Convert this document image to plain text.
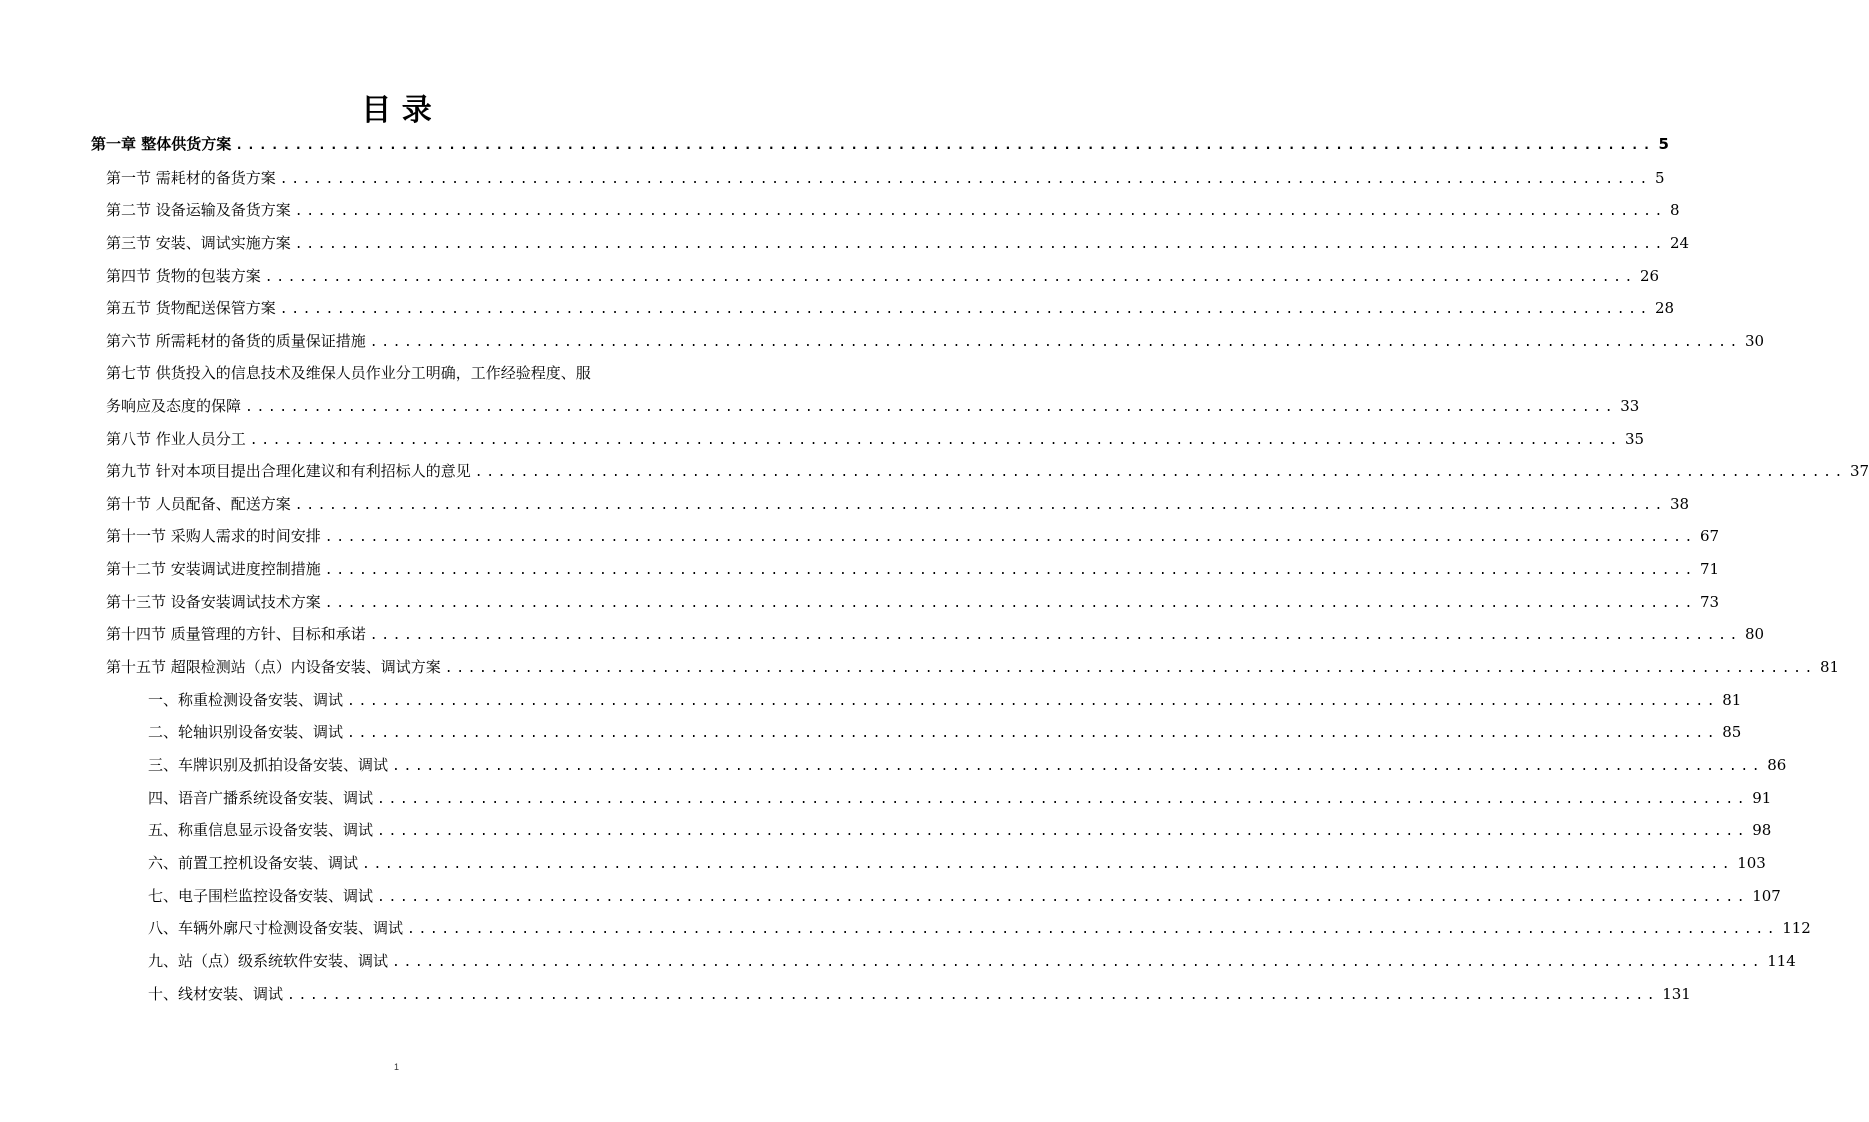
目 录
第一章 整体供货方案 ........................................................................................................................ 5
第一节 需耗材的备货方案 ........................................................................................................................ 5
第二节 设备运输及备货方案 ........................................................................................................................ 8
第三节 安装、调试实施方案 ........................................................................................................................ 24
第四节 货物的包装方案 ........................................................................................................................ 26
第五节 货物配送保管方案 ........................................................................................................................ 28
第六节 所需耗材的备货的质量保证措施 ........................................................................................................................ 30
第七节 供货投入的信息技术及维保人员作业分工明确，工作经验程度、服
务响应及态度的保障 ........................................................................................................................ 33
第八节 作业人员分工 ........................................................................................................................ 35
第九节 针对本项目提出合理化建议和有利招标人的意见 ........................................................................................................................ 37
第十节 人员配备、配送方案 ........................................................................................................................ 38
第十一节 采购人需求的时间安排 ........................................................................................................................ 67
第十二节 安装调试进度控制措施 ........................................................................................................................ 71
第十三节 设备安装调试技术方案 ........................................................................................................................ 73
第十四节 质量管理的方针、目标和承诺 ........................................................................................................................ 80
第十五节 超限检测站（点）内设备安装、调试方案 ........................................................................................................................ 81
一、称重检测设备安装、调试 ........................................................................................................................ 81
二、轮轴识别设备安装、调试 ........................................................................................................................ 85
三、车牌识别及抓拍设备安装、调试 ........................................................................................................................ 86
四、语音广播系统设备安装、调试 ........................................................................................................................ 91
五、称重信息显示设备安装、调试 ........................................................................................................................ 98
六、前置工控机设备安装、调试 ........................................................................................................................ 103
七、电子围栏监控设备安装、调试 ........................................................................................................................ 107
八、车辆外廓尺寸检测设备安装、调试 ........................................................................................................................ 112
九、站（点）级系统软件安装、调试 ........................................................................................................................ 114
十、线材安装、调试 ........................................................................................................................ 131
1
